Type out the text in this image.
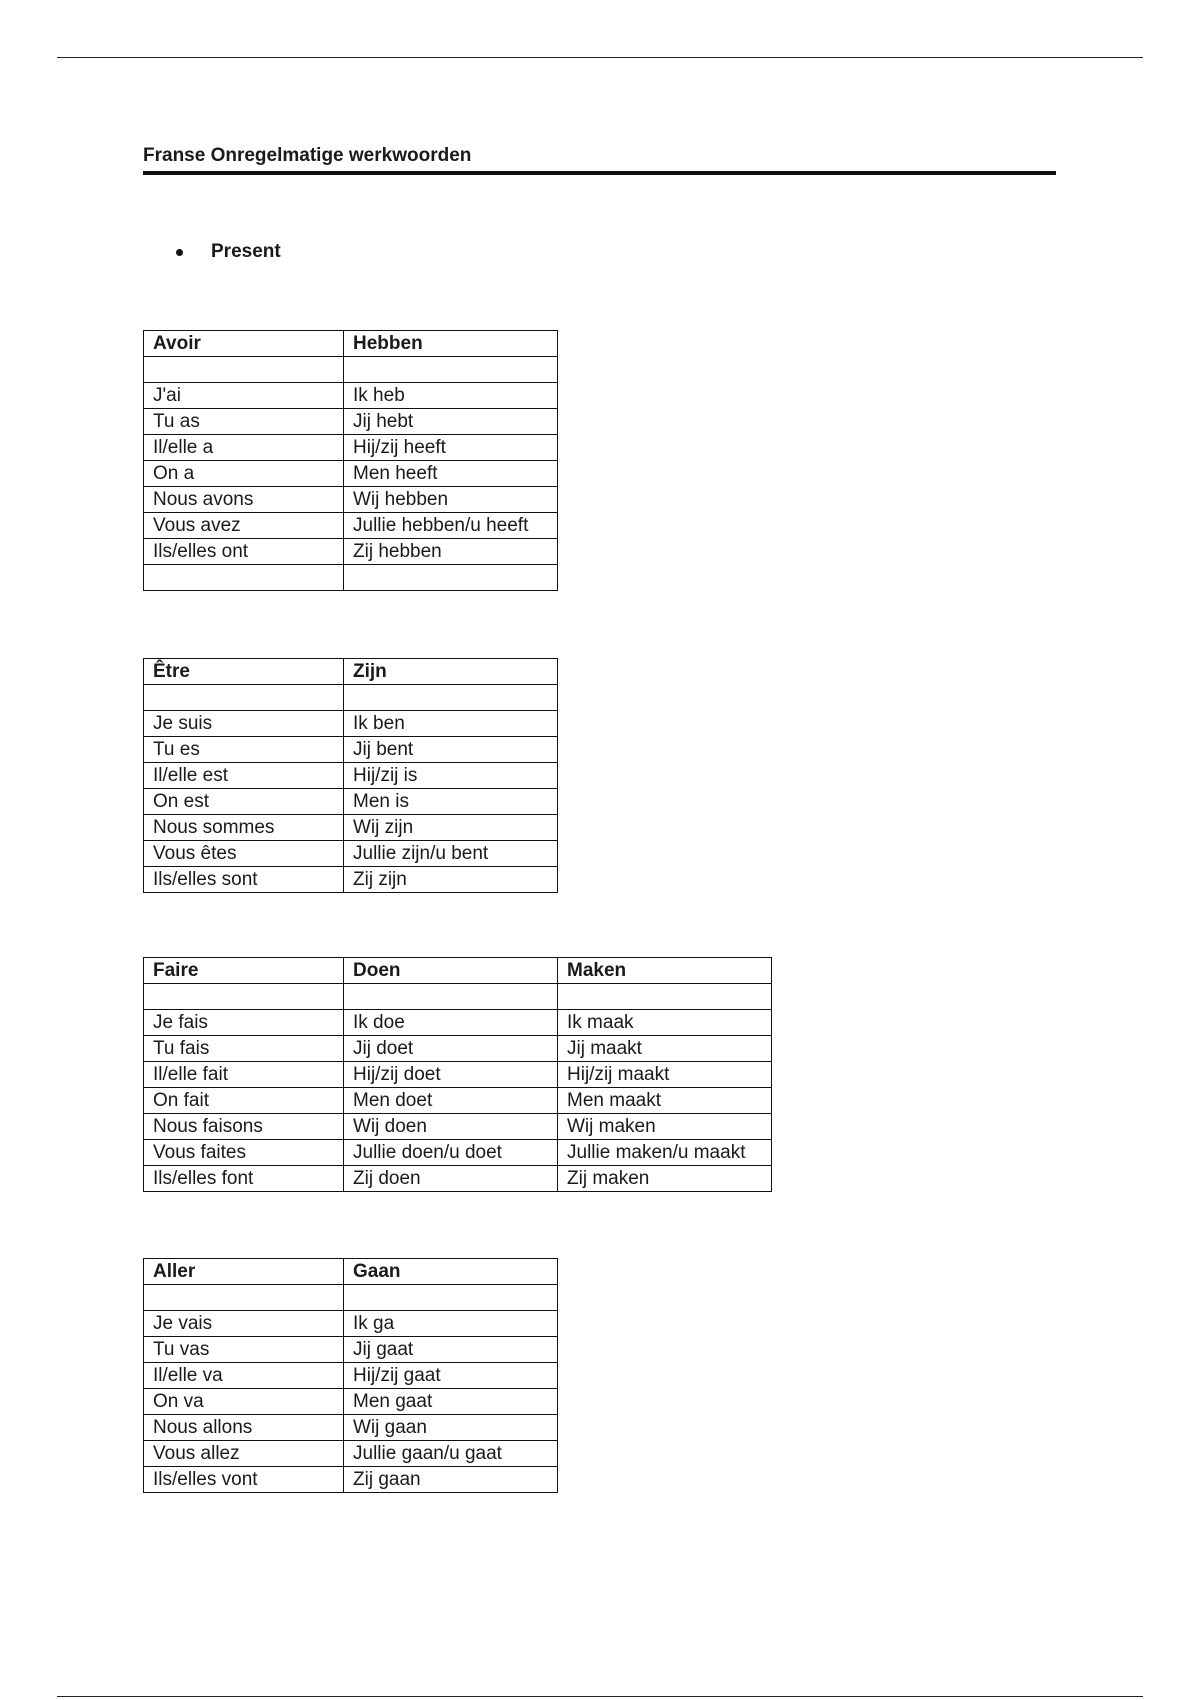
Franse Onregelmatige werkwoorden
Present
Avoir	Hebben

J'ai	Ik heb
Tu as	Jij hebt
Il/elle a	Hij/zij heeft
On a	Men heeft
Nous avons	Wij hebben
Vous avez	Jullie hebben/u heeft
Ils/elles ont	Zij hebben

Être	Zijn

Je suis	Ik ben
Tu es	Jij bent
Il/elle est	Hij/zij is
On est	Men is
Nous sommes	Wij zijn
Vous êtes	Jullie zijn/u bent
Ils/elles sont	Zij zijn
Faire	Doen	Maken

Je fais	Ik doe	Ik maak
Tu fais	Jij doet	Jij maakt
Il/elle fait	Hij/zij doet	Hij/zij maakt
On fait	Men doet	Men maakt
Nous faisons	Wij doen	Wij maken
Vous faites	Jullie doen/u doet	Jullie maken/u maakt
Ils/elles font	Zij doen	Zij maken
Aller	Gaan

Je vais	Ik ga
Tu vas	Jij gaat
Il/elle va	Hij/zij gaat
On va	Men gaat
Nous allons	Wij gaan
Vous allez	Jullie gaan/u gaat
Ils/elles vont	Zij gaan
